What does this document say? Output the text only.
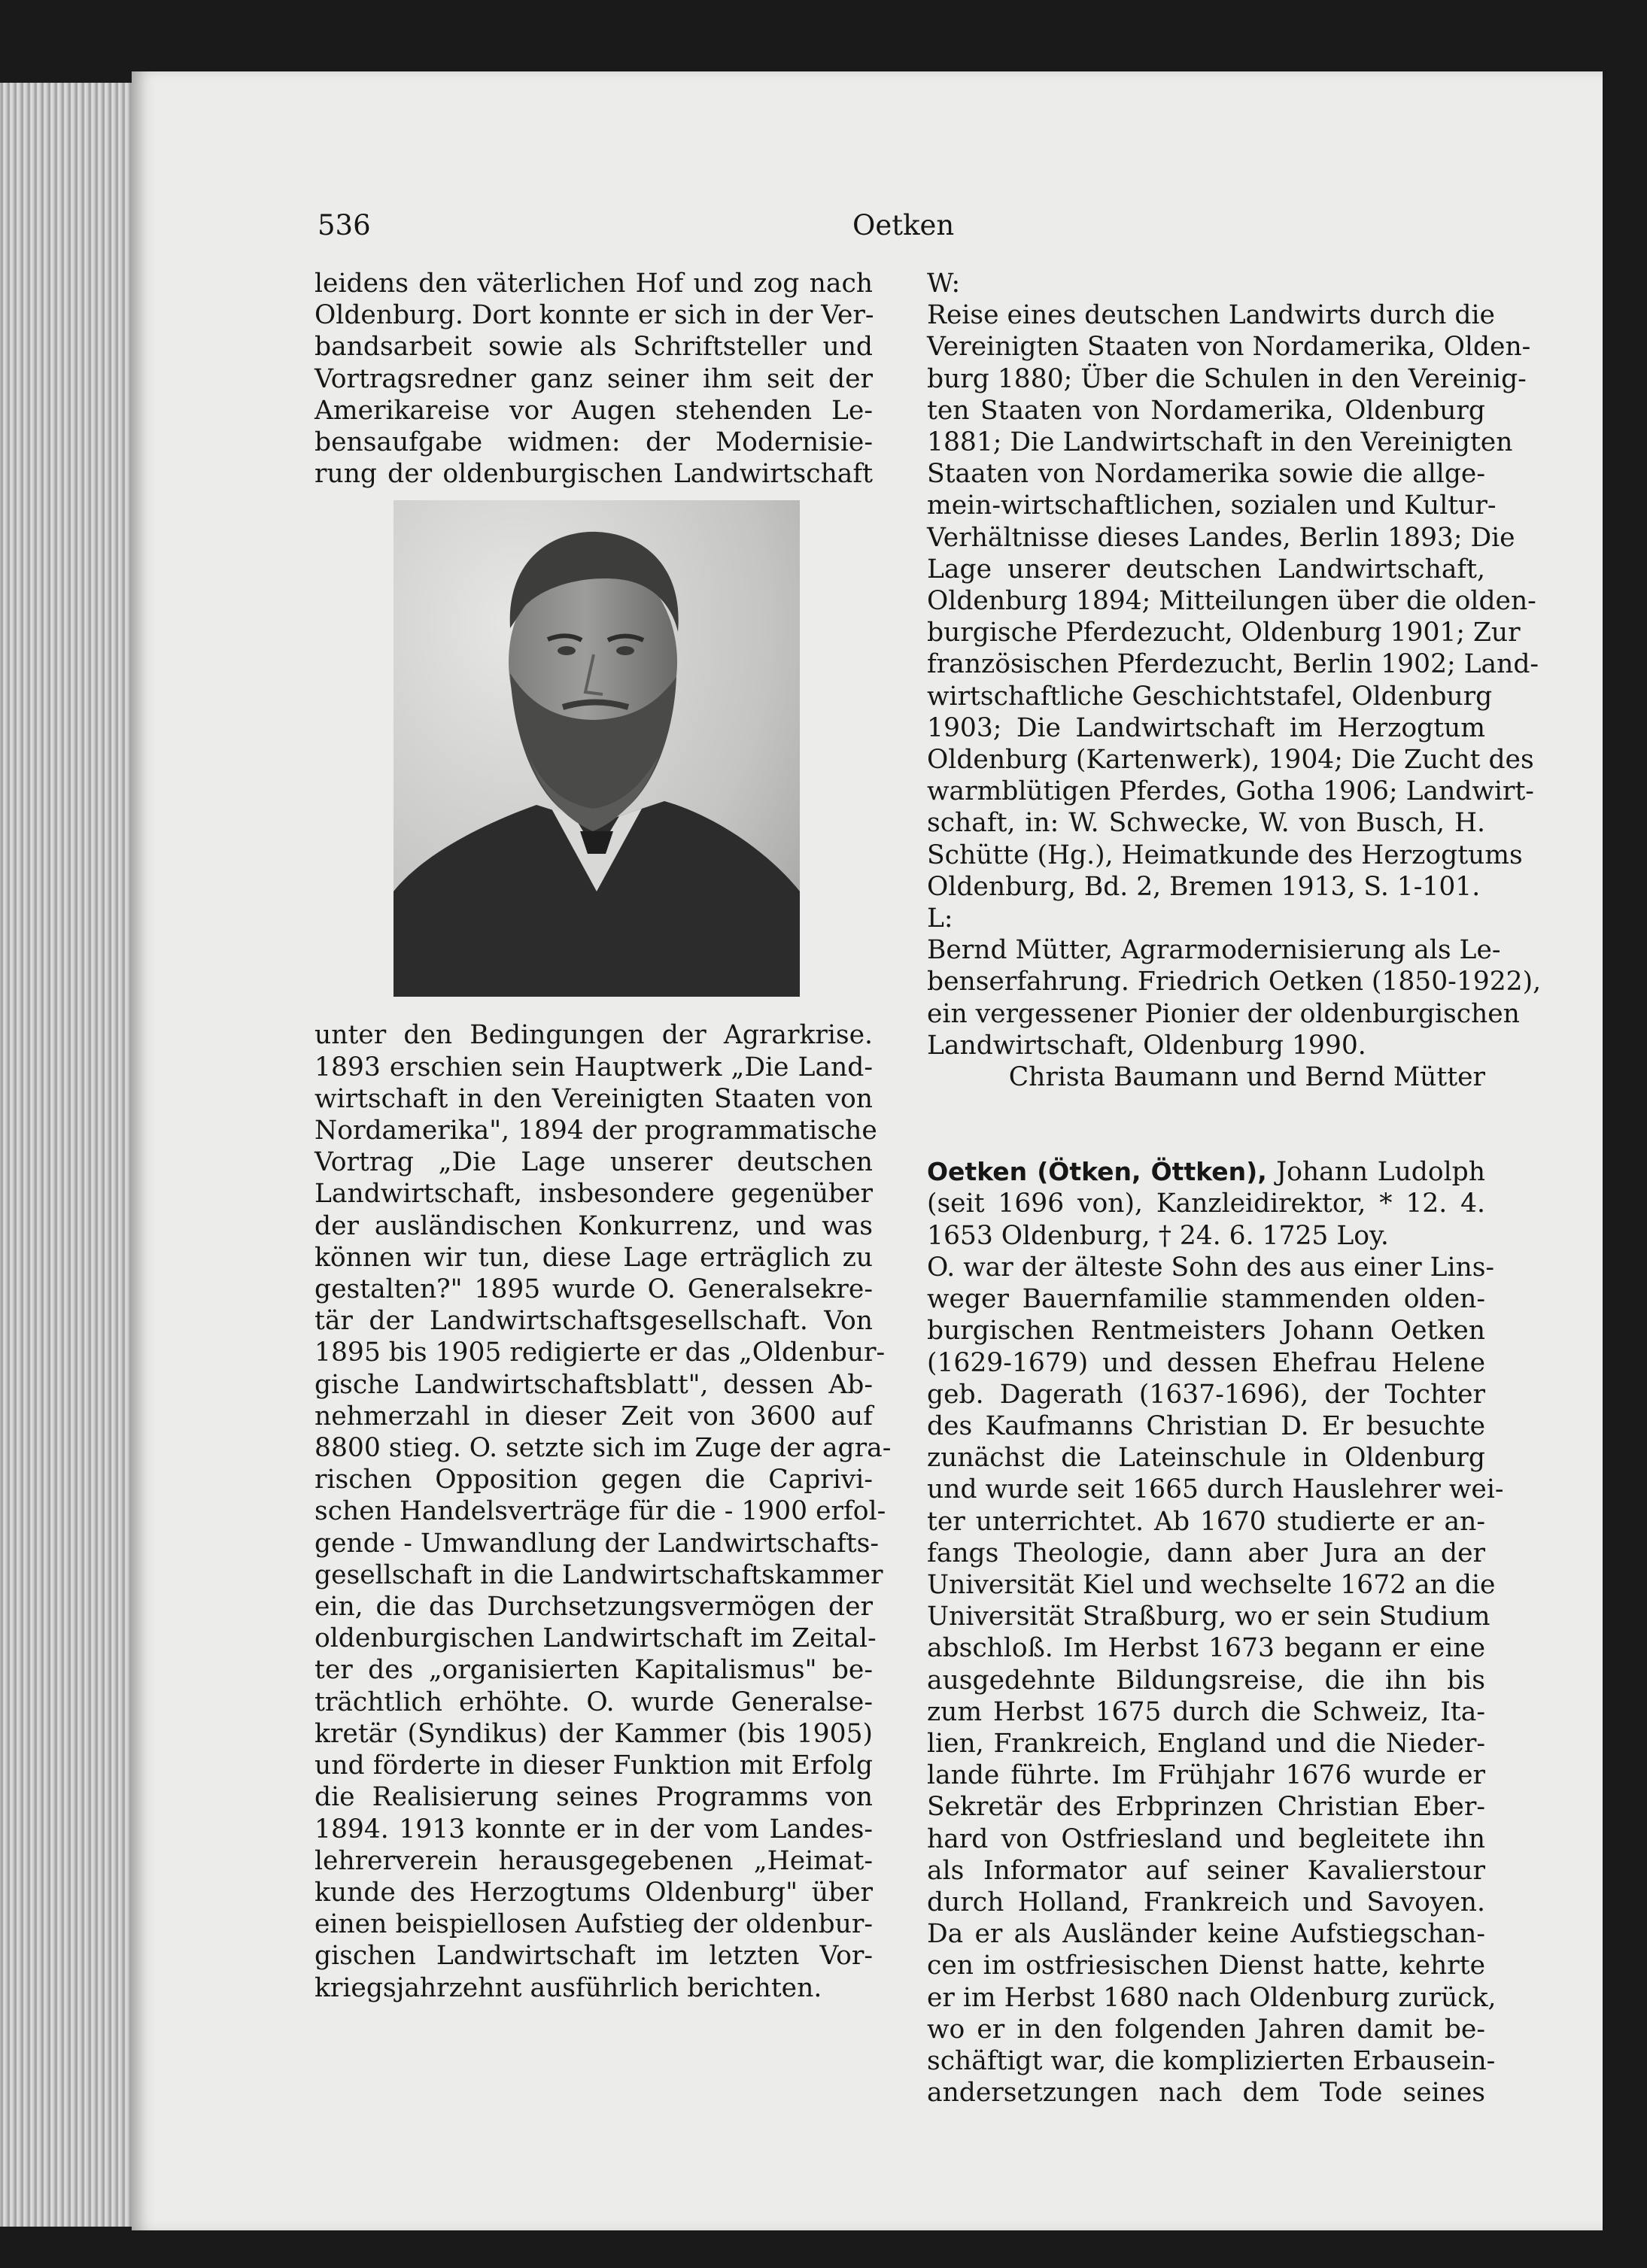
536	Oetken
leidens den väterlichen Hof und zog nach
Oldenburg. Dort konnte er sich in der Ver-
bandsarbeit sowie als Schriftsteller und
Vortragsredner ganz seiner ihm seit der
Amerikareise vor Augen stehenden Le-
bensaufgabe widmen: der Modernisie-
rung der oldenburgischen Landwirtschaft
unter den Bedingungen der Agrarkrise.
1893 erschien sein Hauptwerk „Die Land-
wirtschaft in den Vereinigten Staaten von
Nordamerika", 1894 der programmatische
Vortrag „Die Lage unserer deutschen
Landwirtschaft, insbesondere gegenüber
der ausländischen Konkurrenz, und was
können wir tun, diese Lage erträglich zu
gestalten?" 1895 wurde O. Generalsekre-
tär der Landwirtschaftsgesellschaft. Von
1895 bis 1905 redigierte er das „Oldenbur-
gische Landwirtschaftsblatt", dessen Ab-
nehmerzahl in dieser Zeit von 3600 auf
8800 stieg. O. setzte sich im Zuge der agra-
rischen Opposition gegen die Caprivi-
schen Handelsverträge für die - 1900 erfol-
gende - Umwandlung der Landwirtschafts-
gesellschaft in die Landwirtschaftskammer
ein, die das Durchsetzungsvermögen der
oldenburgischen Landwirtschaft im Zeital-
ter des „organisierten Kapitalismus" be-
trächtlich erhöhte. O. wurde Generalse-
kretär (Syndikus) der Kammer (bis 1905)
und förderte in dieser Funktion mit Erfolg
die Realisierung seines Programms von
1894. 1913 konnte er in der vom Landes-
lehrerverein herausgegebenen „Heimat-
kunde des Herzogtums Oldenburg" über
einen beispiellosen Aufstieg der oldenbur-
gischen Landwirtschaft im letzten Vor-
kriegsjahrzehnt ausführlich berichten.
W:
Reise eines deutschen Landwirts durch die
Vereinigten Staaten von Nordamerika, Olden-
burg 1880; Über die Schulen in den Vereinig-
ten Staaten von Nordamerika, Oldenburg
1881; Die Landwirtschaft in den Vereinigten
Staaten von Nordamerika sowie die allge-
mein-wirtschaftlichen, sozialen und Kultur-
Verhältnisse dieses Landes, Berlin 1893; Die
Lage unserer deutschen Landwirtschaft,
Oldenburg 1894; Mitteilungen über die olden-
burgische Pferdezucht, Oldenburg 1901; Zur
französischen Pferdezucht, Berlin 1902; Land-
wirtschaftliche Geschichtstafel, Oldenburg
1903; Die Landwirtschaft im Herzogtum
Oldenburg (Kartenwerk), 1904; Die Zucht des
warmblütigen Pferdes, Gotha 1906; Landwirt-
schaft, in: W. Schwecke, W. von Busch, H.
Schütte (Hg.), Heimatkunde des Herzogtums
Oldenburg, Bd. 2, Bremen 1913, S. 1-101.
L:
Bernd Mütter, Agrarmodernisierung als Le-
benserfahrung. Friedrich Oetken (1850-1922),
ein vergessener Pionier der oldenburgischen
Landwirtschaft, Oldenburg 1990.
Christa Baumann und Bernd Mütter
Oetken (Ötken, Öttken), Johann Ludolph
(seit 1696 von), Kanzleidirektor, * 12. 4.
1653 Oldenburg, † 24. 6. 1725 Loy.
O. war der älteste Sohn des aus einer Lins-
weger Bauernfamilie stammenden olden-
burgischen Rentmeisters Johann Oetken
(1629-1679) und dessen Ehefrau Helene
geb. Dagerath (1637-1696), der Tochter
des Kaufmanns Christian D. Er besuchte
zunächst die Lateinschule in Oldenburg
und wurde seit 1665 durch Hauslehrer wei-
ter unterrichtet. Ab 1670 studierte er an-
fangs Theologie, dann aber Jura an der
Universität Kiel und wechselte 1672 an die
Universität Straßburg, wo er sein Studium
abschloß. Im Herbst 1673 begann er eine
ausgedehnte Bildungsreise, die ihn bis
zum Herbst 1675 durch die Schweiz, Ita-
lien, Frankreich, England und die Nieder-
lande führte. Im Frühjahr 1676 wurde er
Sekretär des Erbprinzen Christian Eber-
hard von Ostfriesland und begleitete ihn
als Informator auf seiner Kavalierstour
durch Holland, Frankreich und Savoyen.
Da er als Ausländer keine Aufstiegschan-
cen im ostfriesischen Dienst hatte, kehrte
er im Herbst 1680 nach Oldenburg zurück,
wo er in den folgenden Jahren damit be-
schäftigt war, die komplizierten Erbausein-
andersetzungen nach dem Tode seines
